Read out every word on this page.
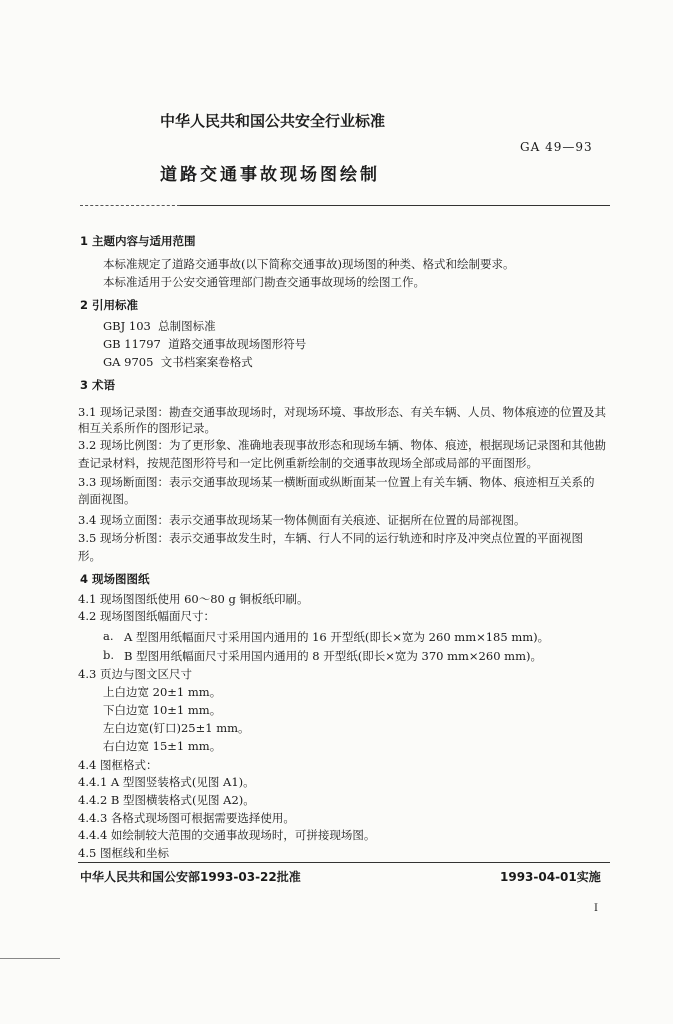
中华人民共和国公共安全行业标准
GA 49—93
道路交通事故现场图绘制
1 主题内容与适用范围
本标准规定了道路交通事故(以下简称交通事故)现场图的种类、格式和绘制要求。
本标准适用于公安交通管理部门勘查交通事故现场的绘图工作。
2 引用标准
GBJ 103 总制图标准
GB 11797 道路交通事故现场图形符号
GA 9705 文书档案案卷格式
3 术语
3.1 现场记录图：勘查交通事故现场时，对现场环境、事故形态、有关车辆、人员、物体痕迹的位置及其
相互关系所作的图形记录。
3.2 现场比例图：为了更形象、准确地表现事故形态和现场车辆、物体、痕迹，根据现场记录图和其他勘
查记录材料，按规范图形符号和一定比例重新绘制的交通事故现场全部或局部的平面图形。
3.3 现场断面图：表示交通事故现场某一横断面或纵断面某一位置上有关车辆、物体、痕迹相互关系的
剖面视图。
3.4 现场立面图：表示交通事故现场某一物体侧面有关痕迹、证据所在位置的局部视图。
3.5 现场分析图：表示交通事故发生时，车辆、行人不同的运行轨迹和时序及冲突点位置的平面视图
形。
4 现场图图纸
4.1 现场图图纸使用 60～80 g 铜板纸印刷。
4.2 现场图图纸幅面尺寸：
a. A 型图用纸幅面尺寸采用国内通用的 16 开型纸(即长×宽为 260 mm×185 mm)。
b. B 型图用纸幅面尺寸采用国内通用的 8 开型纸(即长×宽为 370 mm×260 mm)。
4.3 页边与图文区尺寸
上白边宽 20±1 mm。
下白边宽 10±1 mm。
左白边宽(钉口)25±1 mm。
右白边宽 15±1 mm。
4.4 图框格式：
4.4.1 A 型图竖装格式(见图 A1)。
4.4.2 B 型图横装格式(见图 A2)。
4.4.3 各格式现场图可根据需要选择使用。
4.4.4 如绘制较大范围的交通事故现场时，可拼接现场图。
4.5 图框线和坐标
中华人民共和国公安部1993-03-22批准	1993-04-01实施
I
